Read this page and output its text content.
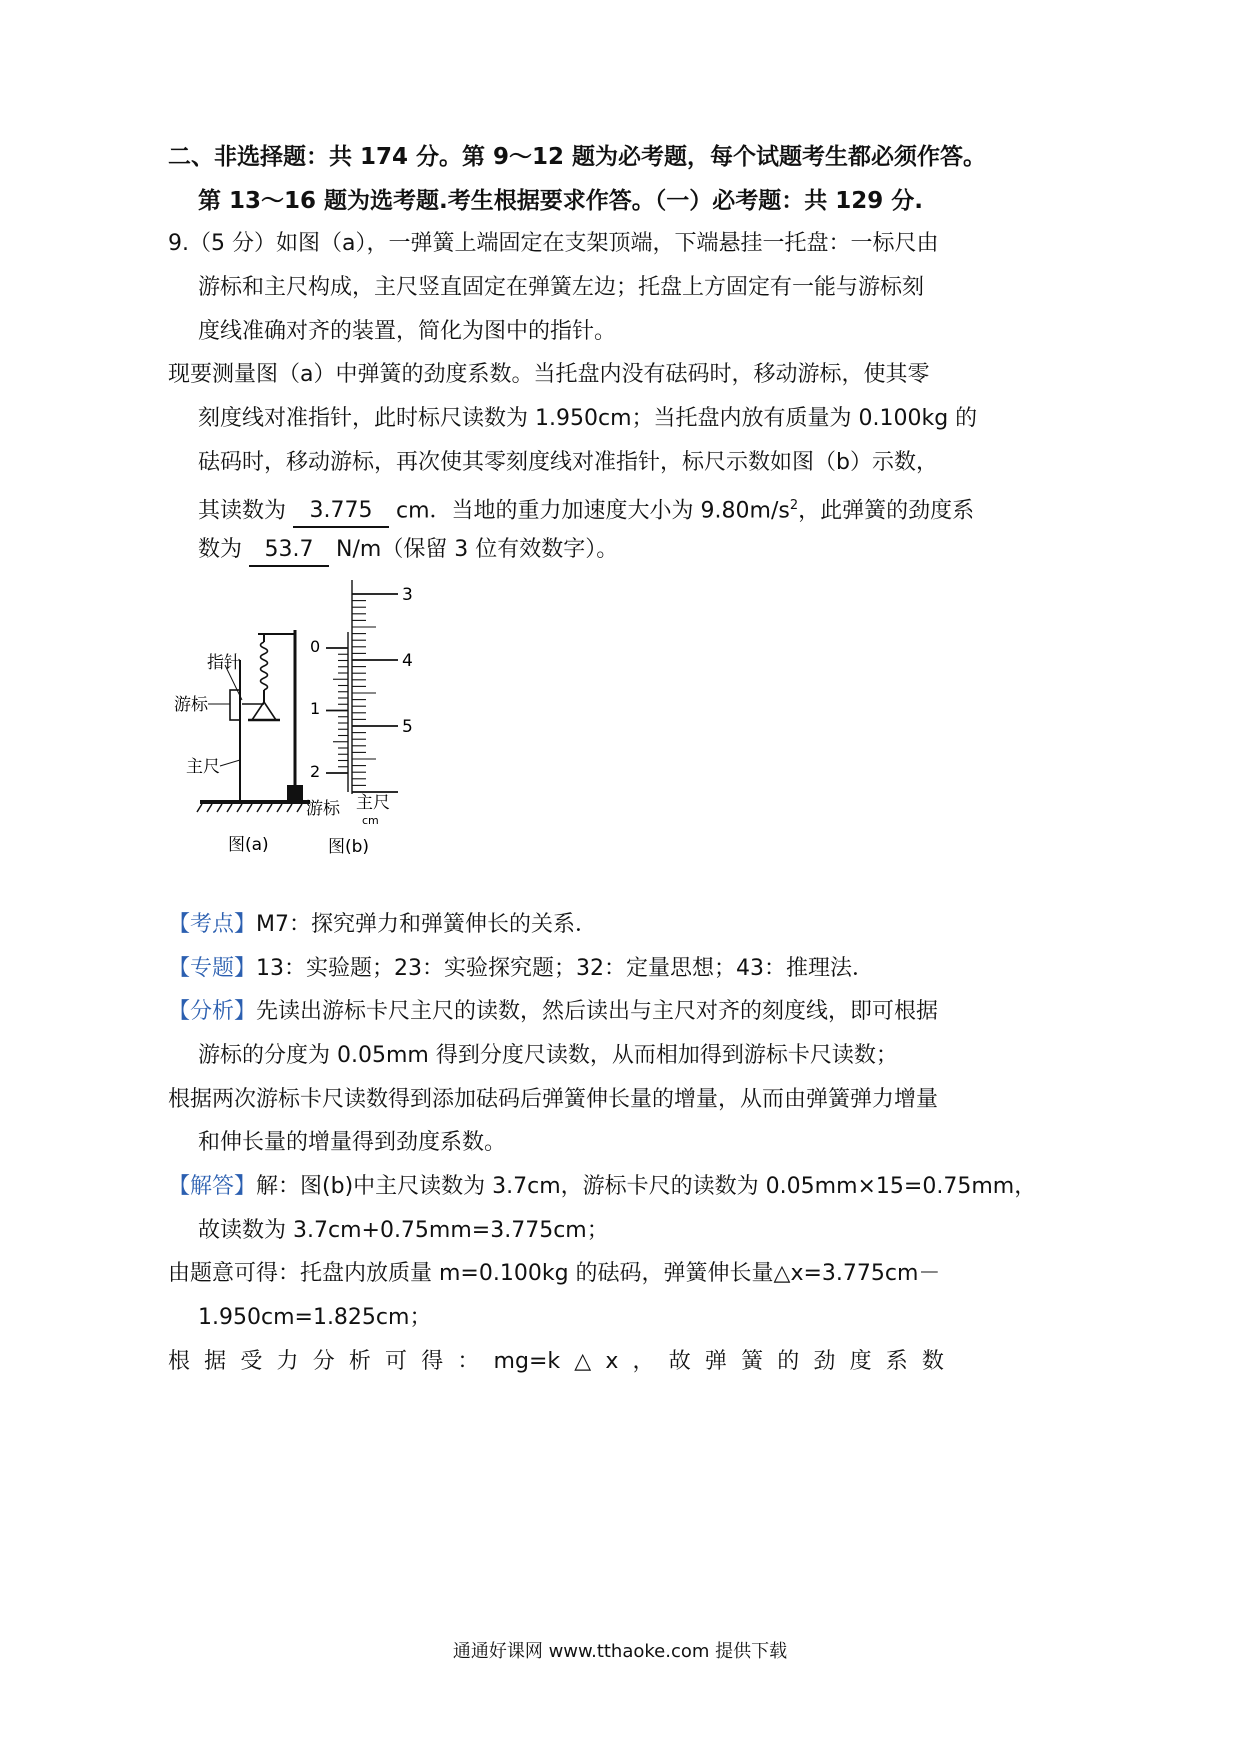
二、非选择题：共 174 分。第 9～12 题为必考题，每个试题考生都必须作答。
第 13～16 题为选考题.考生根据要求作答。（一）必考题：共 129 分.
9.（5 分）如图（a），一弹簧上端固定在支架顶端，下端悬挂一托盘：一标尺由
游标和主尺构成，主尺竖直固定在弹簧左边；托盘上方固定有一能与游标刻
度线准确对齐的装置，简化为图中的指针。
现要测量图（a）中弹簧的劲度系数。当托盘内没有砝码时，移动游标，使其零
刻度线对准指针，此时标尺读数为 1.950cm；当托盘内放有质量为 0.100kg 的
砝码时，移动游标，再次使其零刻度线对准指针，标尺示数如图（b）示数，
其读数为 3.775 cm．当地的重力加速度大小为 $9.80m/s^2$，此弹簧的劲度系
数为 53.7 N/m（保留 3 位有效数字）。
指针
游标
主尺
图(a)
3
4
5
0
1
2
游标 主尺
cm
图(b)
【考点】M7：探究弹力和弹簧伸长的关系．
【专题】13：实验题；23：实验探究题；32：定量思想；43：推理法．
【分析】先读出游标卡尺主尺的读数，然后读出与主尺对齐的刻度线，即可根据
游标的分度为 0.05mm 得到分度尺读数，从而相加得到游标卡尺读数；
根据两次游标卡尺读数得到添加砝码后弹簧伸长量的增量，从而由弹簧弹力增量
和伸长量的增量得到劲度系数。
【解答】解：图(b)中主尺读数为 3.7cm，游标卡尺的读数为 0.05mm×15=0.75mm，
故读数为 3.7cm+0.75mm=3.775cm；
由题意可得：托盘内放质量 m=0.100kg 的砝码，弹簧伸长量△x=3.775cm－
1.950cm=1.825cm；
根 据 受 力 分 析 可 得 ： mg=k △ x ， 故 弹 簧 的 劲 度 系 数
通通好课网 www.tthaoke.com 提供下载
